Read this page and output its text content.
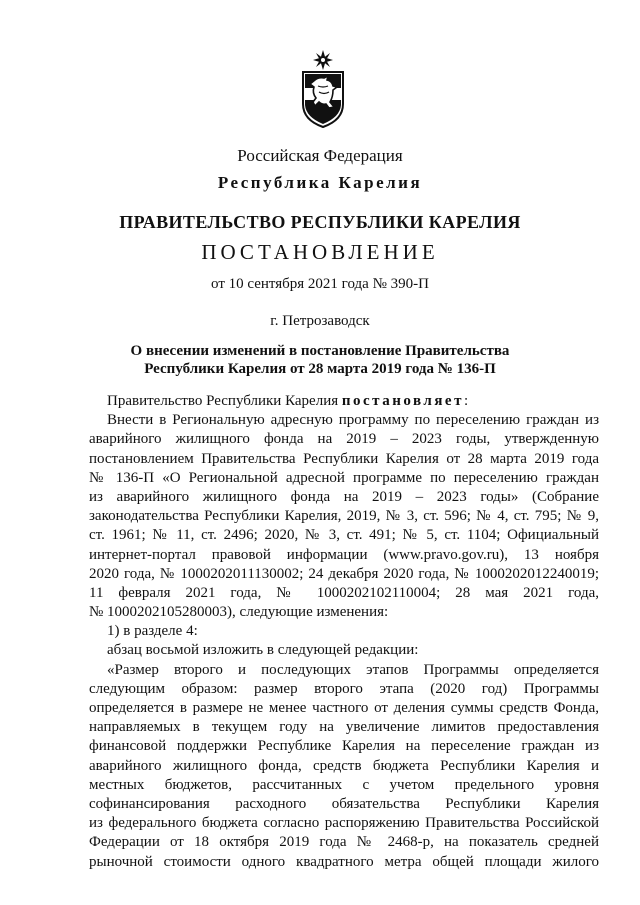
Российская Федерация
Республика Карелия
ПРАВИТЕЛЬСТВО РЕСПУБЛИКИ КАРЕЛИЯ
ПОСТАНОВЛЕНИЕ
от 10 сентября 2021 года № 390-П
г. Петрозаводск
О внесении изменений в постановление Правительства
Республики Карелия от 28 марта 2019 года № 136-П
Правительство Республики Карелия постановляет:
Внести в Региональную адресную программу по переселению граждан из
аварийного жилищного фонда на 2019 – 2023 годы, утвержденную
постановлением Правительства Республики Карелия от 28 марта 2019 года
№ 136-П «О Региональной адресной программе по переселению граждан
из аварийного жилищного фонда на 2019 – 2023 годы» (Собрание
законодательства Республики Карелия, 2019, № 3, ст. 596; № 4, ст. 795; № 9,
ст. 1961; № 11, ст. 2496; 2020, № 3, ст. 491; № 5, ст. 1104; Официальный
интернет-портал правовой информации (www.pravo.gov.ru), 13 ноября
2020 года, № 1000202011130002; 24 декабря 2020 года, № 1000202012240019;
11 февраля 2021 года, № 1000202102110004; 28 мая 2021 года,
№ 1000202105280003), следующие изменения:
1) в разделе 4:
абзац восьмой изложить в следующей редакции:
«Размер второго и последующих этапов Программы определяется
следующим образом: размер второго этапа (2020 год) Программы
определяется в размере не менее частного от деления суммы средств Фонда,
направляемых в текущем году на увеличение лимитов предоставления
финансовой поддержки Республике Карелия на переселение граждан из
аварийного жилищного фонда, средств бюджета Республики Карелия и
местных бюджетов, рассчитанных с учетом предельного уровня
софинансирования расходного обязательства Республики Карелия
из федерального бюджета согласно распоряжению Правительства Российской
Федерации от 18 октября 2019 года № 2468-р, на показатель средней
рыночной стоимости одного квадратного метра общей площади жилого
